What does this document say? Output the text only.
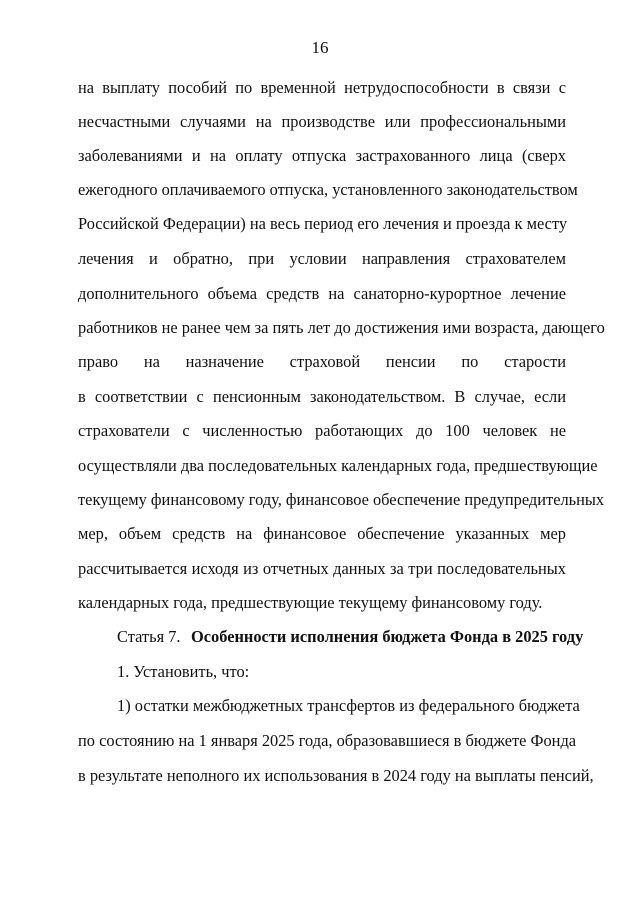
16
на выплату пособий по временной нетрудоспособности в связи с
несчастными случаями на производстве или профессиональными
заболеваниями и на оплату отпуска застрахованного лица (сверх
ежегодного оплачиваемого отпуска, установленного законодательством
Российской Федерации) на весь период его лечения и проезда к месту
лечения и обратно, при условии направления страхователем
дополнительного объема средств на санаторно-курортное лечение
работников не ранее чем за пять лет до достижения ими возраста, дающего
право на назначение страховой пенсии по старости
в соответствии с пенсионным законодательством. В случае, если
страхователи с численностью работающих до 100 человек не
осуществляли два последовательных календарных года, предшествующие
текущему финансовому году, финансовое обеспечение предупредительных
мер, объем средств на финансовое обеспечение указанных мер
рассчитывается исходя из отчетных данных за три последовательных
календарных года, предшествующие текущему финансовому году.
Статья 7. Особенности исполнения бюджета Фонда в 2025 году
1. Установить, что:
1) остатки межбюджетных трансфертов из федерального бюджета
по состоянию на 1 января 2025 года, образовавшиеся в бюджете Фонда
в результате неполного их использования в 2024 году на выплаты пенсий,
